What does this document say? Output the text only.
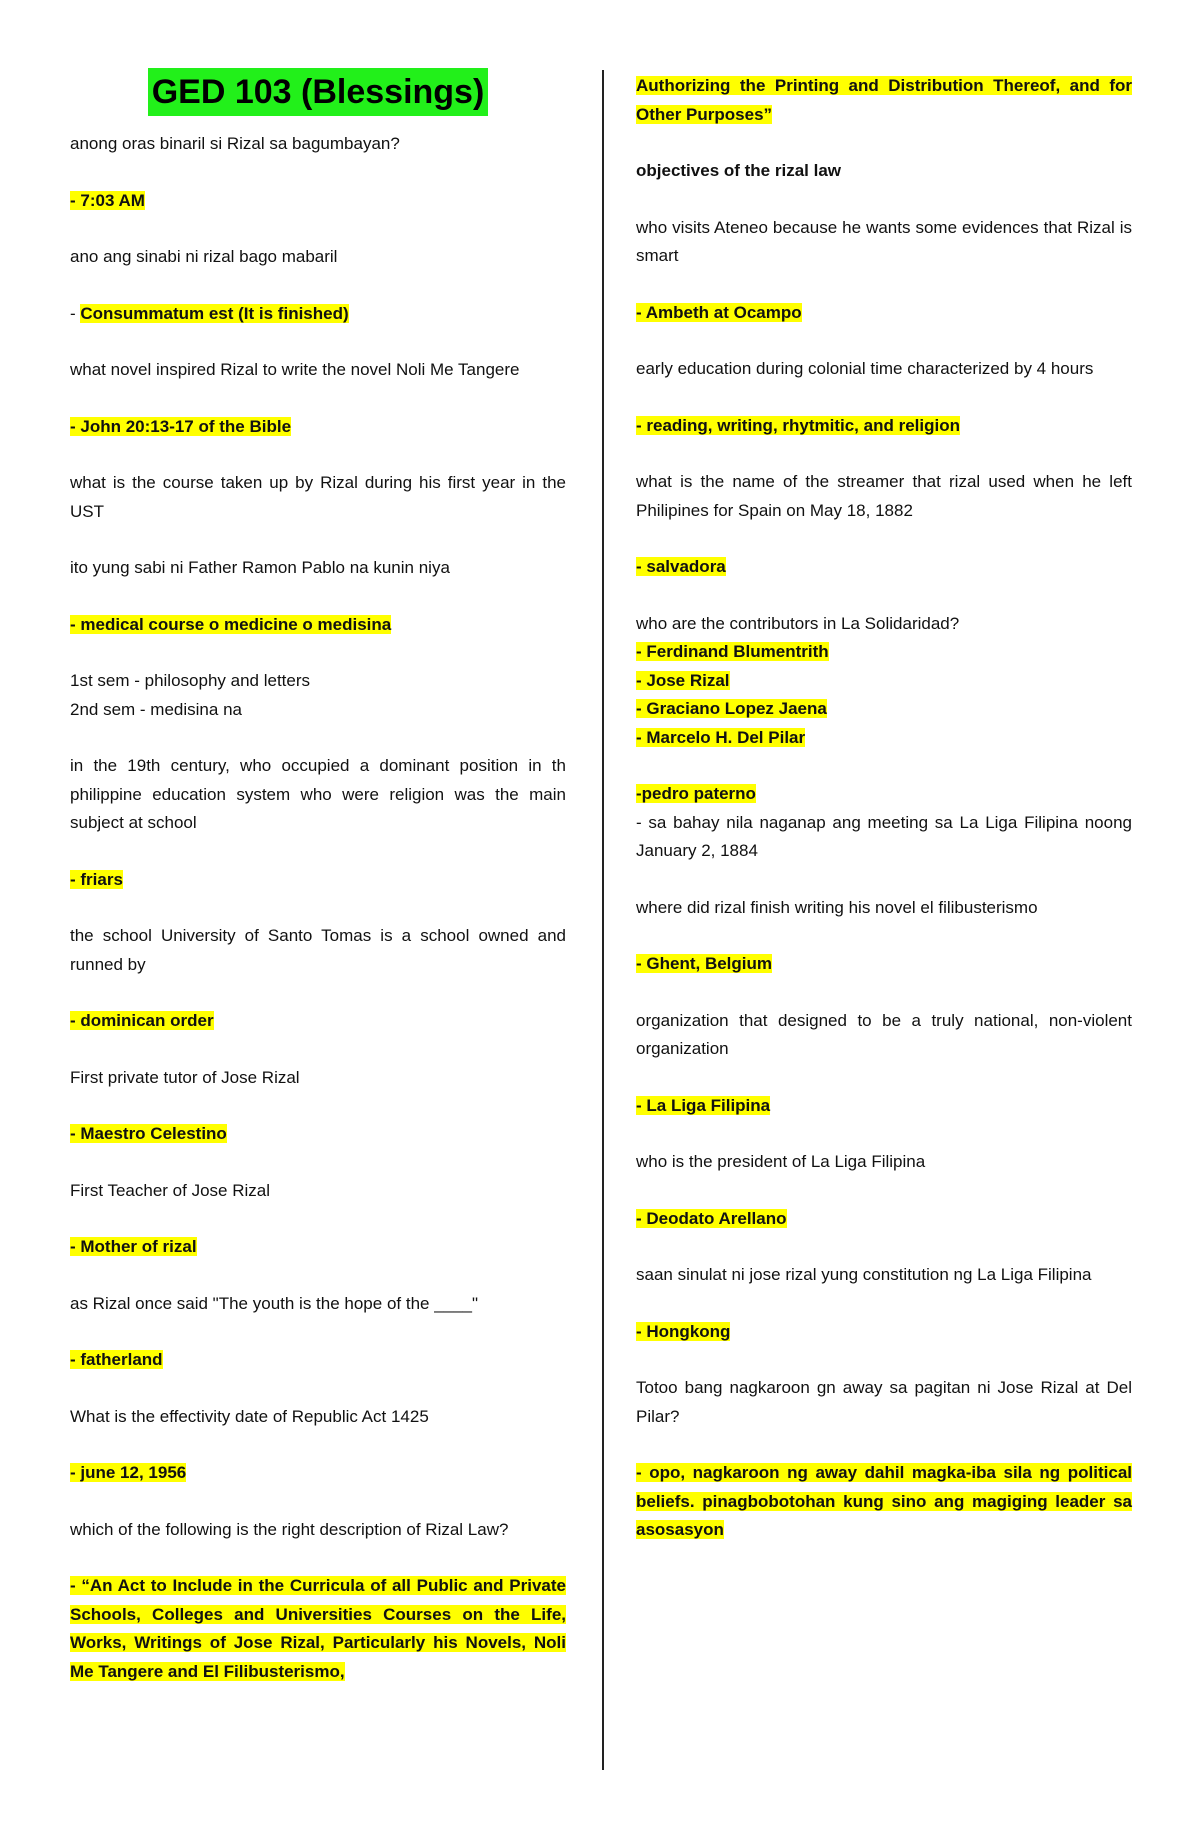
GED 103 (Blessings)

anong oras binaril si Rizal sa bagumbayan?

- 7:03 AM

ano ang sinabi ni rizal bago mabaril

- Consummatum est (It is finished)

what novel inspired Rizal to write the novel Noli Me Tangere

- John 20:13-17 of the Bible

what is the course taken up by Rizal during his first year in the UST

ito yung sabi ni Father Ramon Pablo na kunin niya

- medical course o medicine o medisina

1st sem - philosophy and letters

2nd sem - medisina na

in the 19th century, who occupied a dominant position in th philippine education system who were religion was the main subject at school

- friars

the school University of Santo Tomas is a school owned and runned by

- dominican order

First private tutor of Jose Rizal

- Maestro Celestino

First Teacher of Jose Rizal

- Mother of rizal

as Rizal once said "The youth is the hope of the ____"

- fatherland

What is the effectivity date of Republic Act 1425

- june 12, 1956

which of the following is the right description of Rizal Law?

- “An Act to Include in the Curricula of all Public and Private Schools, Colleges and Universities Courses on the Life, Works, Writings of Jose Rizal, Particularly his Novels, Noli Me Tangere and El Filibusterismo,

Authorizing the Printing and Distribution Thereof, and for Other Purposes”

objectives of the rizal law

who visits Ateneo because he wants some evidences that Rizal is smart

- Ambeth at Ocampo

early education during colonial time characterized by 4 hours

- reading, writing, rhytmitic, and religion

what is the name of the streamer that rizal used when he left Philipines for Spain on May 18, 1882

- salvadora

who are the contributors in La Solidaridad?

- Ferdinand Blumentrith

- Jose Rizal

- Graciano Lopez Jaena

- Marcelo H. Del Pilar

-pedro paterno

- sa bahay nila naganap ang meeting sa La Liga Filipina noong January 2, 1884

where did rizal finish writing his novel el filibusterismo

- Ghent, Belgium

organization that designed to be a truly national, non-violent organization

- La Liga Filipina

who is the president of La Liga Filipina

- Deodato Arellano

saan sinulat ni jose rizal yung constitution ng La Liga Filipina

- Hongkong

Totoo bang nagkaroon gn away sa pagitan ni Jose Rizal at Del Pilar?

- opo, nagkaroon ng away dahil magka-iba sila ng political beliefs. pinagbobotohan kung sino ang magiging leader sa asosasyon
